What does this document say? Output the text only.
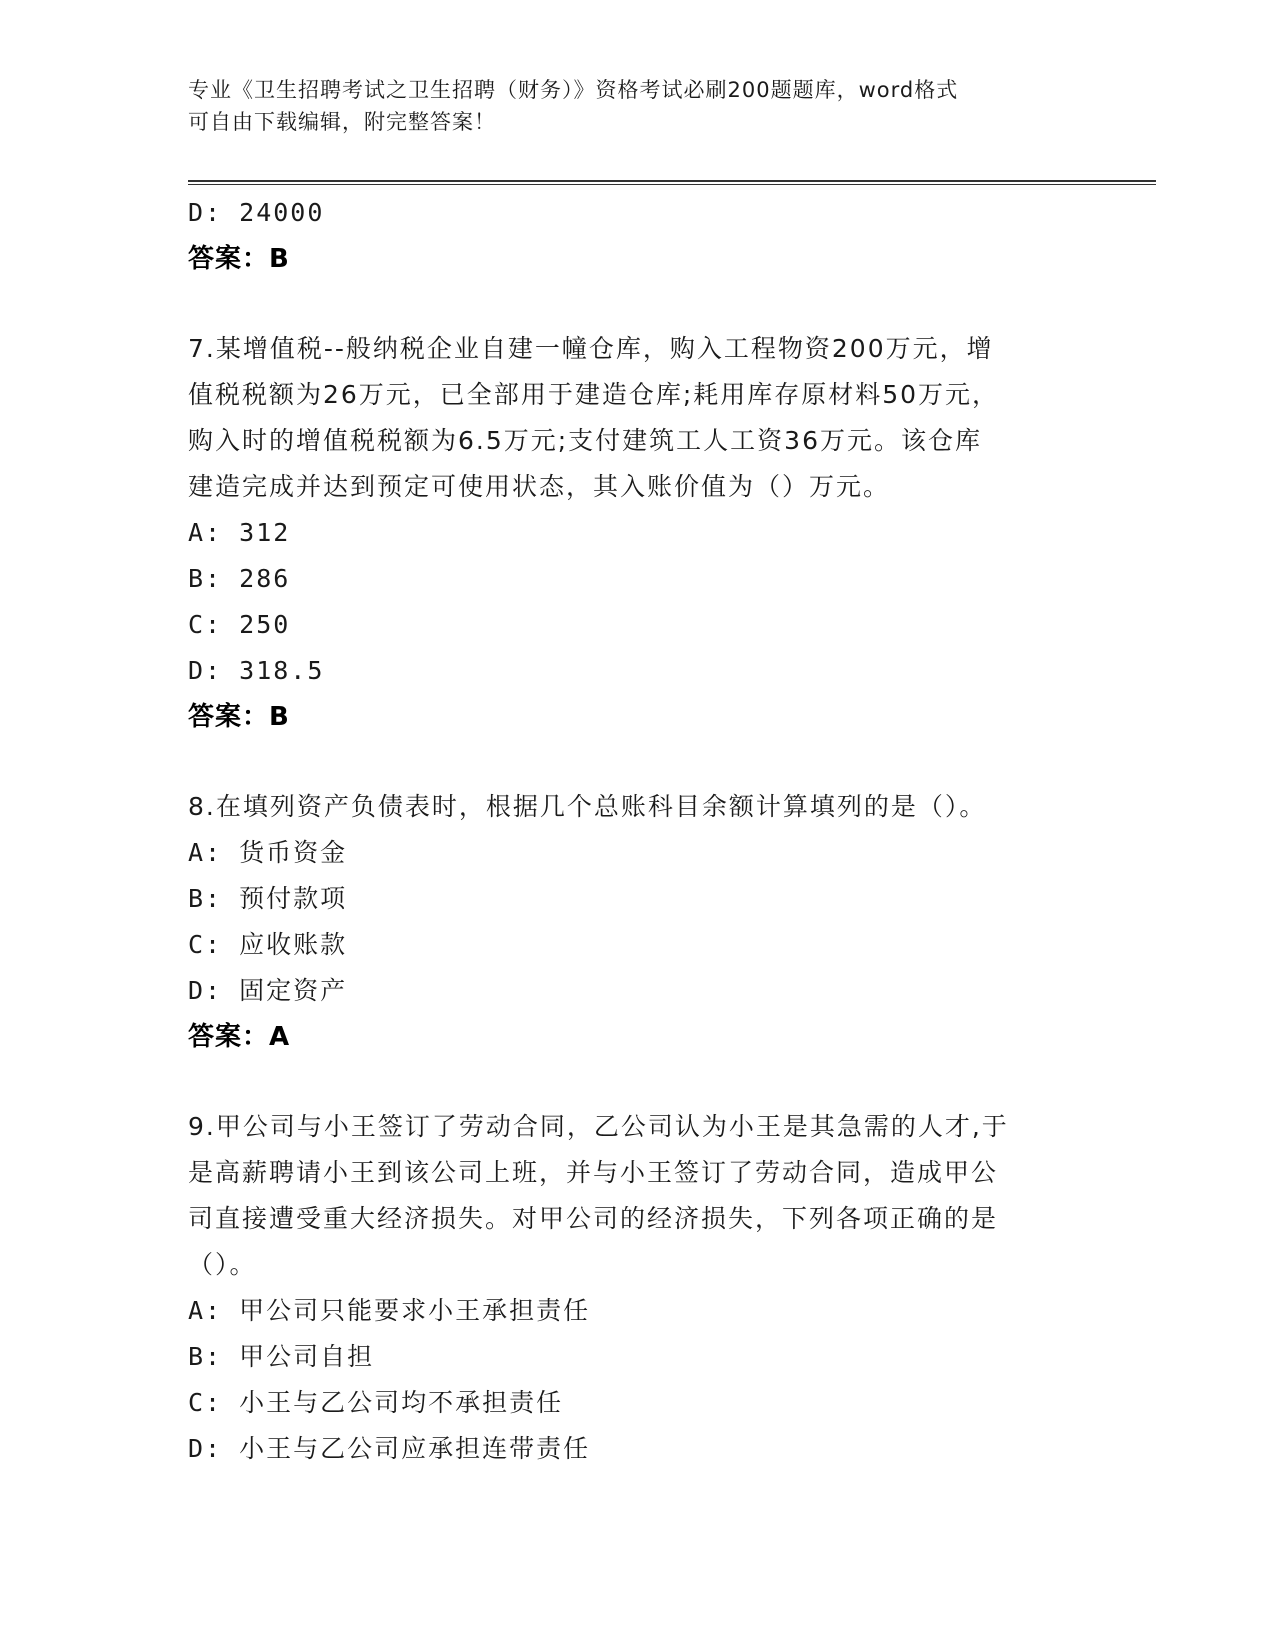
专业《卫生招聘考试之卫生招聘（财务）》资格考试必刷200题题库，word格式
可自由下载编辑，附完整答案！
D: 24000
答案：B
7.某增值税--般纳税企业自建一幢仓库，购入工程物资200万元，增
值税税额为26万元，已全部用于建造仓库;耗用库存原材料50万元，
购入时的增值税税额为6.5万元;支付建筑工人工资36万元。该仓库
建造完成并达到预定可使用状态，其入账价值为（）万元。
A: 312
B: 286
C: 250
D: 318.5
答案：B
8.在填列资产负债表时，根据几个总账科目余额计算填列的是（）。
A: 货币资金
B: 预付款项
C: 应收账款
D: 固定资产
答案：A
9.甲公司与小王签订了劳动合同，乙公司认为小王是其急需的人才,于
是高薪聘请小王到该公司上班，并与小王签订了劳动合同，造成甲公
司直接遭受重大经济损失。对甲公司的经济损失，下列各项正确的是
（）。
A: 甲公司只能要求小王承担责任
B: 甲公司自担
C: 小王与乙公司均不承担责任
D: 小王与乙公司应承担连带责任
